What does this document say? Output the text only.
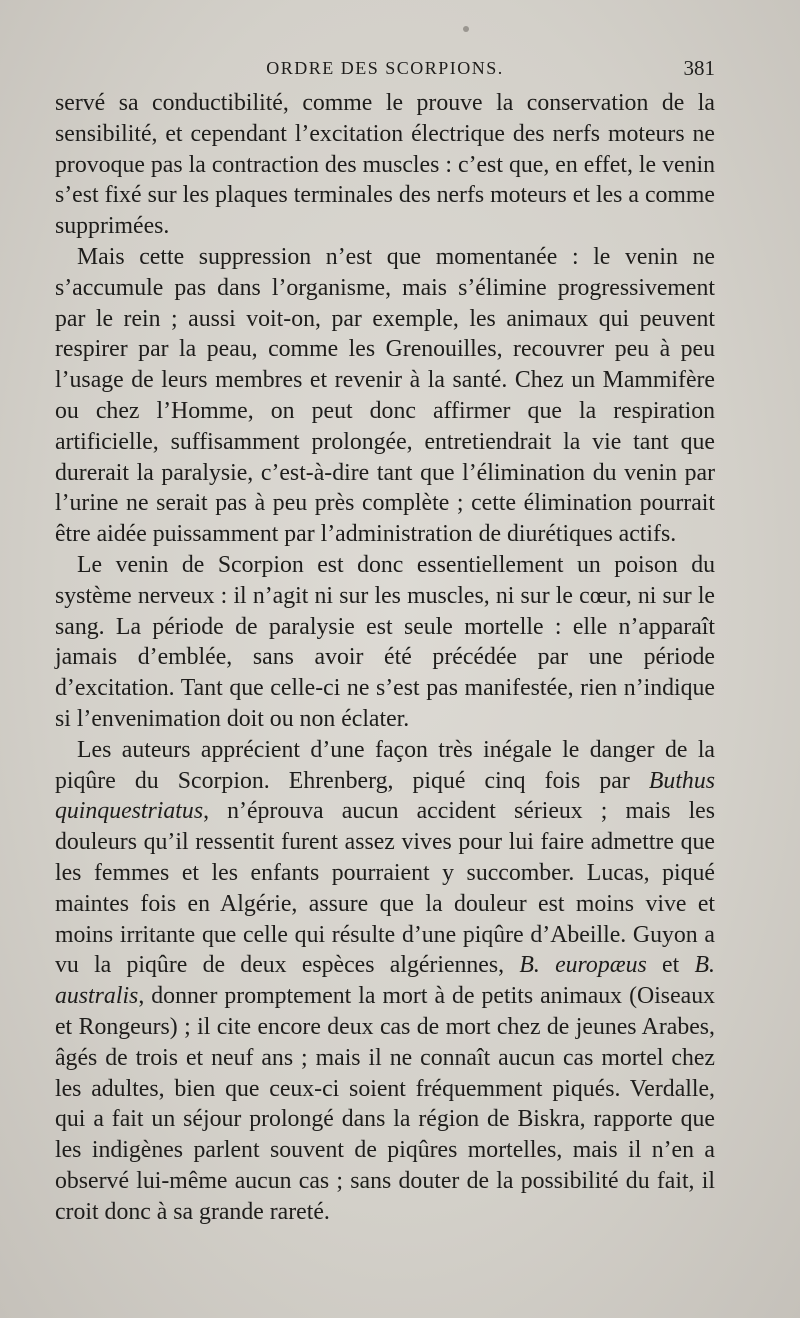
ORDRE DES SCORPIONS.	381

servé sa conductibilité, comme le prouve la conservation de la sensibilité, et cependant l’excitation électrique des nerfs moteurs ne provoque pas la contraction des muscles : c’est que, en effet, le venin s’est fixé sur les plaques terminales des nerfs moteurs et les a comme supprimées.

Mais cette suppression n’est que momentanée : le venin ne s’accumule pas dans l’organisme, mais s’élimine progressivement par le rein ; aussi voit-on, par exemple, les animaux qui peuvent respirer par la peau, comme les Grenouilles, recouvrer peu à peu l’usage de leurs membres et revenir à la santé. Chez un Mammifère ou chez l’Homme, on peut donc affirmer que la respiration artificielle, suffisamment prolongée, entretiendrait la vie tant que durerait la paralysie, c’est-à-dire tant que l’élimination du venin par l’urine ne serait pas à peu près complète ; cette élimination pourrait être aidée puissamment par l’administration de diurétiques actifs.

Le venin de Scorpion est donc essentiellement un poison du système nerveux : il n’agit ni sur les muscles, ni sur le cœur, ni sur le sang. La période de paralysie est seule mortelle : elle n’apparaît jamais d’emblée, sans avoir été précédée par une période d’excitation. Tant que celle-ci ne s’est pas manifestée, rien n’indique si l’envenimation doit ou non éclater.

Les auteurs apprécient d’une façon très inégale le danger de la piqûre du Scorpion. Ehrenberg, piqué cinq fois par Buthus quinquestriatus, n’éprouva aucun accident sérieux ; mais les douleurs qu’il ressentit furent assez vives pour lui faire admettre que les femmes et les enfants pourraient y succomber. Lucas, piqué maintes fois en Algérie, assure que la douleur est moins vive et moins irritante que celle qui résulte d’une piqûre d’Abeille. Guyon a vu la piqûre de deux espèces algériennes, B. europæus et B. australis, donner promptement la mort à de petits animaux (Oiseaux et Rongeurs) ; il cite encore deux cas de mort chez de jeunes Arabes, âgés de trois et neuf ans ; mais il ne connaît aucun cas mortel chez les adultes, bien que ceux-ci soient fréquemment piqués. Verdalle, qui a fait un séjour prolongé dans la région de Biskra, rapporte que les indigènes parlent souvent de piqûres mortelles, mais il n’en a observé lui-même aucun cas ; sans douter de la possibilité du fait, il croit donc à sa grande rareté.
